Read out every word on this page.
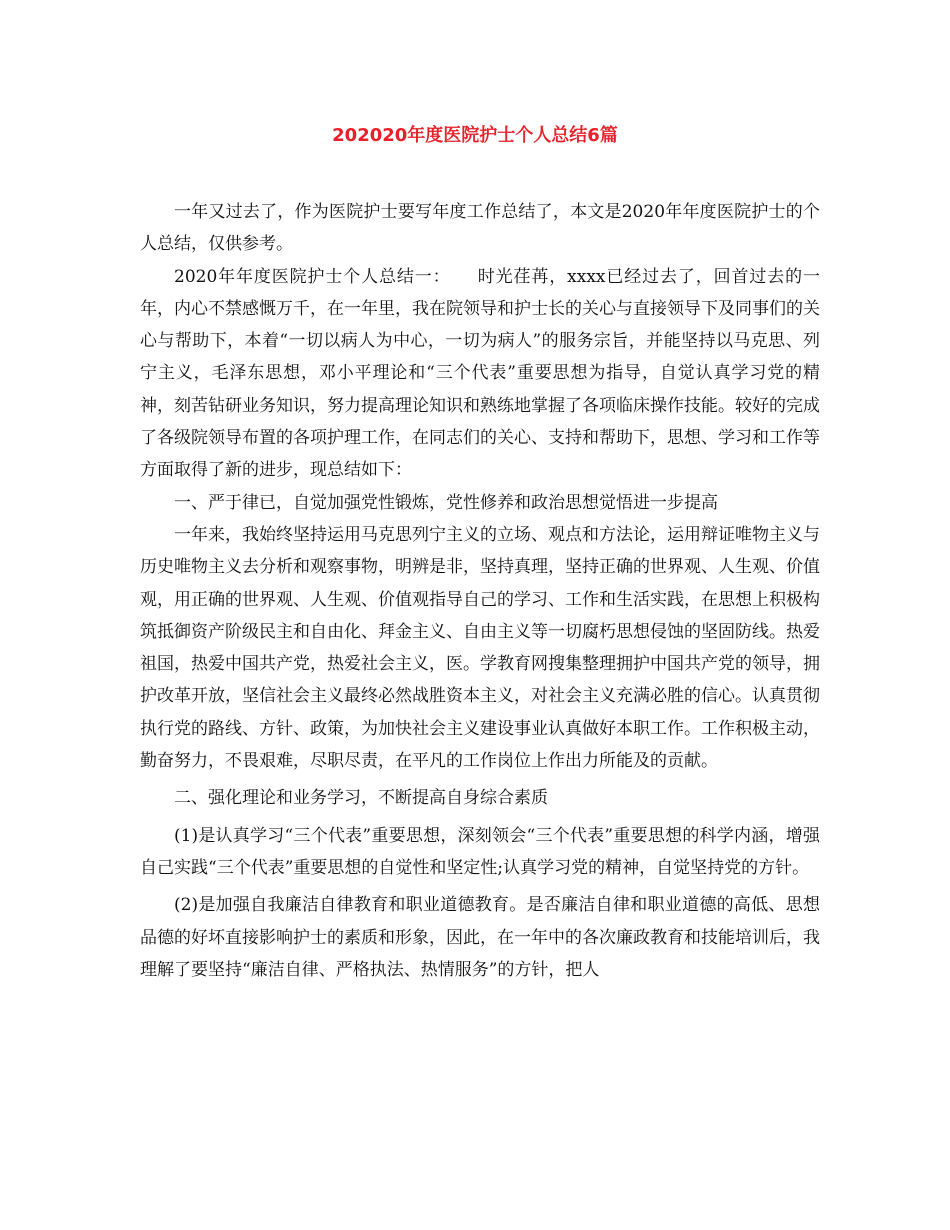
202020年度医院护士个人总结6篇

一年又过去了，作为医院护士要写年度工作总结了，本文是2020年年度医院护士的个人总结，仅供参考。

2020年年度医院护士个人总结一：　　时光荏苒，xxxx已经过去了，回首过去的一年，内心不禁感慨万千，在一年里，我在院领导和护士长的关心与直接领导下及同事们的关心与帮助下，本着“一切以病人为中心，一切为病人”的服务宗旨，并能坚持以马克思、列宁主义，毛泽东思想，邓小平理论和“三个代表”重要思想为指导，自觉认真学习党的精神，刻苦钻研业务知识，努力提高理论知识和熟练地掌握了各项临床操作技能。较好的完成了各级院领导布置的各项护理工作，在同志们的关心、支持和帮助下，思想、学习和工作等方面取得了新的进步，现总结如下：

一、严于律已，自觉加强党性锻炼，党性修养和政治思想觉悟进一步提高

一年来，我始终坚持运用马克思列宁主义的立场、观点和方法论，运用辩证唯物主义与历史唯物主义去分析和观察事物，明辨是非，坚持真理，坚持正确的世界观、人生观、价值观，用正确的世界观、人生观、价值观指导自己的学习、工作和生活实践，在思想上积极构筑抵御资产阶级民主和自由化、拜金主义、自由主义等一切腐朽思想侵蚀的坚固防线。热爱祖国，热爱中国共产党，热爱社会主义，医。学教育网搜集整理拥护中国共产党的领导，拥护改革开放，坚信社会主义最终必然战胜资本主义，对社会主义充满必胜的信心。认真贯彻执行党的路线、方针、政策，为加快社会主义建设事业认真做好本职工作。工作积极主动，勤奋努力，不畏艰难，尽职尽责，在平凡的工作岗位上作出力所能及的贡献。

二、强化理论和业务学习，不断提高自身综合素质

(1)是认真学习“三个代表”重要思想，深刻领会“三个代表”重要思想的科学内涵，增强自己实践“三个代表”重要思想的自觉性和坚定性;认真学习党的精神，自觉坚持党的方针。

(2)是加强自我廉洁自律教育和职业道德教育。是否廉洁自律和职业道德的高低、思想品德的好坏直接影响护士的素质和形象，因此，在一年中的各次廉政教育和技能培训后，我理解了要坚持“廉洁自律、严格执法、热情服务”的方针，把人
